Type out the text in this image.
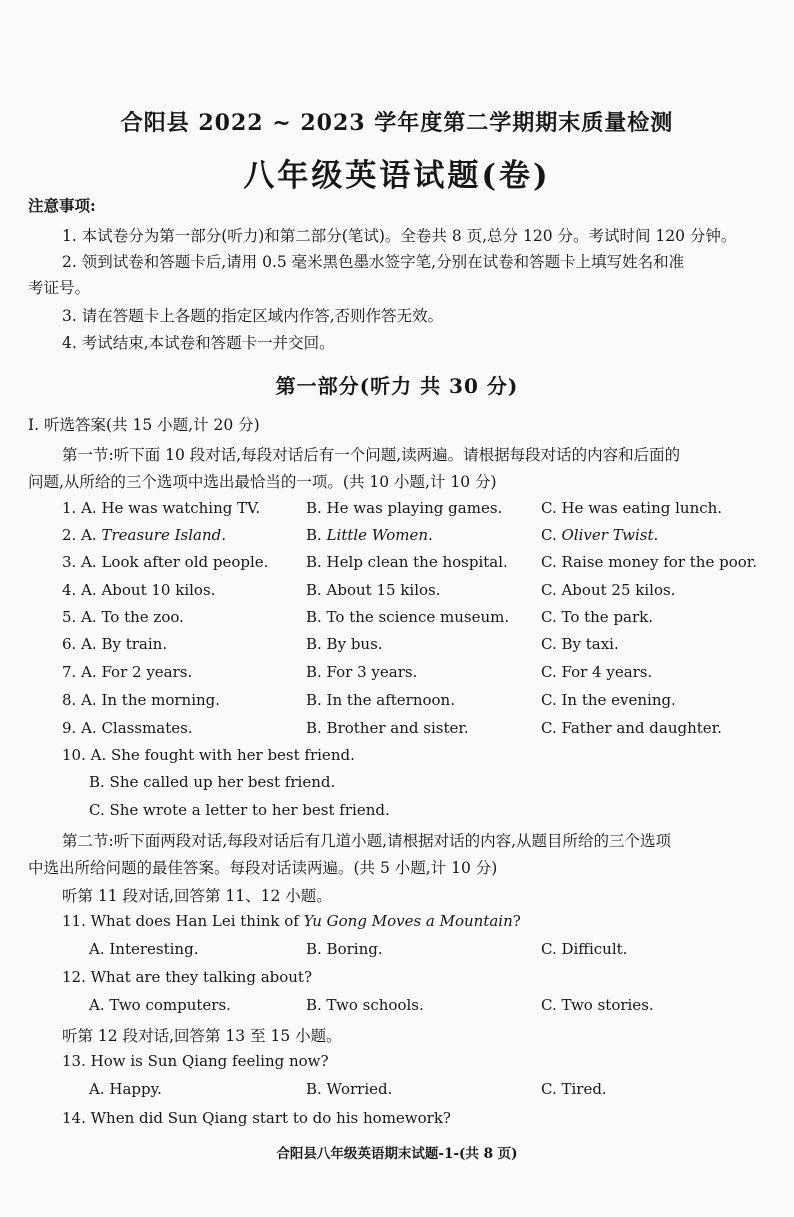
合阳县 2022 ~ 2023 学年度第二学期期末质量检测
八年级英语试题(卷)
注意事项:
1. 本试卷分为第一部分(听力)和第二部分(笔试)。全卷共 8 页,总分 120 分。考试时间 120 分钟。
2. 领到试卷和答题卡后,请用 0.5 毫米黑色墨水签字笔,分别在试卷和答题卡上填写姓名和准
考证号。
3. 请在答题卡上各题的指定区域内作答,否则作答无效。
4. 考试结束,本试卷和答题卡一并交回。
第一部分(听力 共 30 分)
I. 听选答案(共 15 小题,计 20 分)
第一节:听下面 10 段对话,每段对话后有一个问题,读两遍。请根据每段对话的内容和后面的
问题,从所给的三个选项中选出最恰当的一项。(共 10 小题,计 10 分)
1. A. He was watching TV.	B. He was playing games.	C. He was eating lunch.
2. A. Treasure Island.	B. Little Women.	C. Oliver Twist.
3. A. Look after old people.	B. Help clean the hospital. C. Raise money for the poor.
4. A. About 10 kilos.	B. About 15 kilos.	C. About 25 kilos.
5. A. To the zoo.	B. To the science museum. C. To the park.
6. A. By train.	B. By bus.	C. By taxi.
7. A. For 2 years.	B. For 3 years.	C. For 4 years.
8. A. In the morning.	B. In the afternoon.	C. In the evening.
9. A. Classmates.	B. Brother and sister.	C. Father and daughter.
10. A. She fought with her best friend.
B. She called up her best friend.
C. She wrote a letter to her best friend.
第二节:听下面两段对话,每段对话后有几道小题,请根据对话的内容,从题目所给的三个选项
中选出所给问题的最佳答案。每段对话读两遍。(共 5 小题,计 10 分)
听第 11 段对话,回答第 11、12 小题。
11. What does Han Lei think of Yu Gong Moves a Mountain?
A. Interesting.	B. Boring.	C. Difficult.
12. What are they talking about?
A. Two computers.	B. Two schools.	C. Two stories.
听第 12 段对话,回答第 13 至 15 小题。
13. How is Sun Qiang feeling now?
A. Happy.	B. Worried.	C. Tired.
14. When did Sun Qiang start to do his homework?
合阳县八年级英语期末试题-1-(共 8 页)
